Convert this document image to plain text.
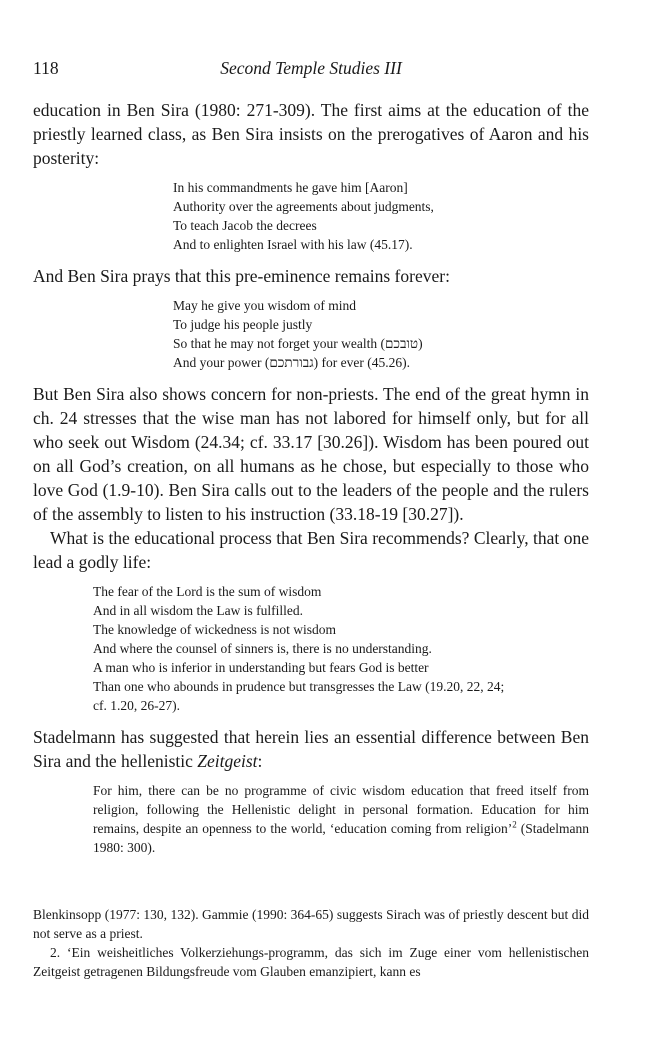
118	Second Temple Studies III

education in Ben Sira (1980: 271-309). The first aims at the education of the priestly learned class, as Ben Sira insists on the prerogatives of Aaron and his posterity:

In his commandments he gave him [Aaron]
Authority over the agreements about judgments,
To teach Jacob the decrees
And to enlighten Israel with his law (45.17).

And Ben Sira prays that this pre-eminence remains forever:

May he give you wisdom of mind
To judge his people justly
So that he may not forget your wealth (טובכם)
And your power (גבורתכם) for ever (45.26).

But Ben Sira also shows concern for non-priests. The end of the great hymn in ch. 24 stresses that the wise man has not labored for himself only, but for all who seek out Wisdom (24.34; cf. 33.17 [30.26]). Wisdom has been poured out on all God’s creation, on all humans as he chose, but especially to those who love God (1.9-10). Ben Sira calls out to the leaders of the people and the rulers of the assembly to listen to his instruction (33.18-19 [30.27]).

What is the educational process that Ben Sira recommends? Clearly, that one lead a godly life:

The fear of the Lord is the sum of wisdom
And in all wisdom the Law is fulfilled.
The knowledge of wickedness is not wisdom
And where the counsel of sinners is, there is no understanding.
A man who is inferior in understanding but fears God is better
Than one who abounds in prudence but transgresses the Law (19.20, 22, 24;
cf. 1.20, 26-27).

Stadelmann has suggested that herein lies an essential difference between Ben Sira and the hellenistic Zeitgeist:

For him, there can be no programme of civic wisdom education that freed itself from religion, following the Hellenistic delight in personal formation. Education for him remains, despite an openness to the world, ‘education coming from religion’$^2$ (Stadelmann 1980: 300).

Blenkinsopp (1977: 130, 132). Gammie (1990: 364-65) suggests Sirach was of priestly descent but did not serve as a priest.

2. ‘Ein weisheitliches Volkerziehungs-programm, das sich im Zuge einer vom hellenistischen Zeitgeist getragenen Bildungsfreude vom Glauben emanzipiert, kann es
